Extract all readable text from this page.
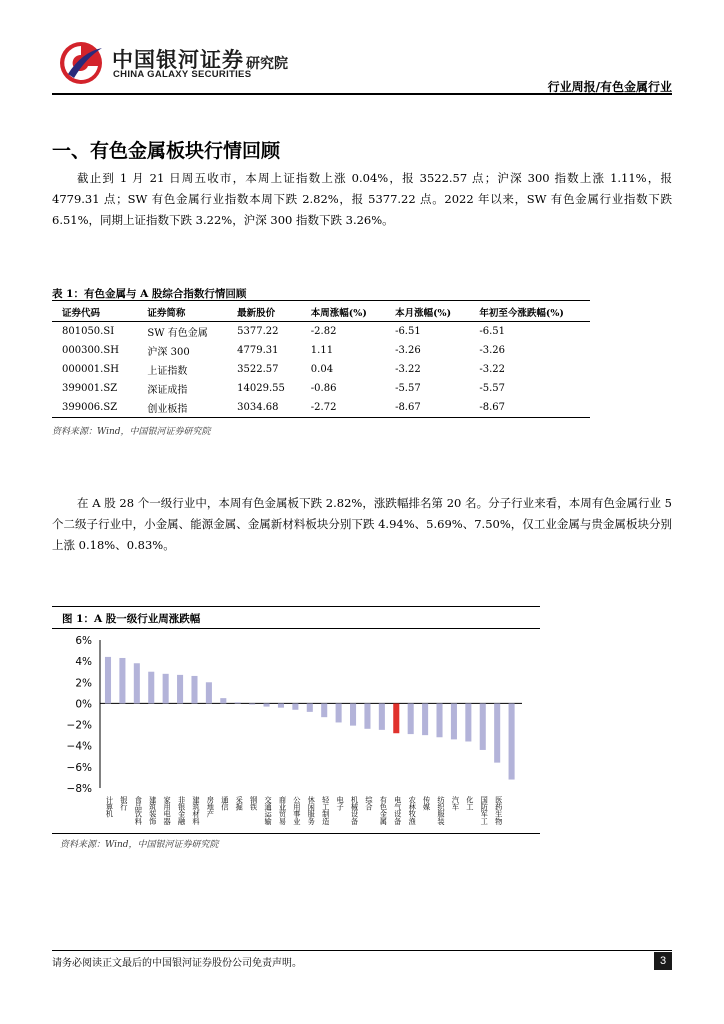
中国银河证券
CHINA GALAXY SECURITIES
研究院
行业周报/有色金属行业
一、有色金属板块行情回顾

截止到 1 月 21 日周五收市，本周上证指数上涨 0.04%，报 3522.57 点；沪深 300 指数上涨 1.11%，报 4779.31 点；SW 有色金属行业指数本周下跌 2.82%，报 5377.22 点。2022 年以来，SW 有色金属行业指数下跌 6.51%，同期上证指数下跌 3.22%，沪深 300 指数下跌 3.26%。

表 1：有色金属与 A 股综合指数行情回顾
证券代码	证券简称	最新股价	本周涨幅(%)	本月涨幅(%)	年初至今涨跌幅(%)
801050.SI	SW 有色金属	5377.22	-2.82	-6.51	-6.51
000300.SH	沪深 300	4779.31	1.11	-3.26	-3.26
000001.SH	上证指数	3522.57	0.04	-3.22	-3.22
399001.SZ	深证成指	14029.55	-0.86	-5.57	-5.57
399006.SZ	创业板指	3034.68	-2.72	-8.67	-8.67
资料来源：Wind，中国银河证券研究院

在 A 股 28 个一级行业中，本周有色金属板下跌 2.82%，涨跌幅排名第 20 名。分子行业来看，本周有色金属行业 5 个二级子行业中，小金属、能源金属、金属新材料板块分别下跌 4.94%、5.69%、7.50%，仅工业金属与贵金属板块分别上涨 0.18%、0.83%。

图 1：A 股一级行业周涨跌幅
6%
4%
2%
0%
−2%
−4%
−6%
−8%
计算机 银行 食品饮料 建筑装饰 家用电器 非银金融 建筑材料 房地产 通信 采掘 钢铁 交通运输 商业贸易 公用事业 休闲服务 轻工制造 电子 机械设备 综合 有色金属 电气设备 农林牧渔 传媒 纺织服装 汽车 化工 国防军工 医药生物
资料来源：Wind，中国银河证券研究院
请务必阅读正文最后的中国银河证券股份公司免责声明。	3
